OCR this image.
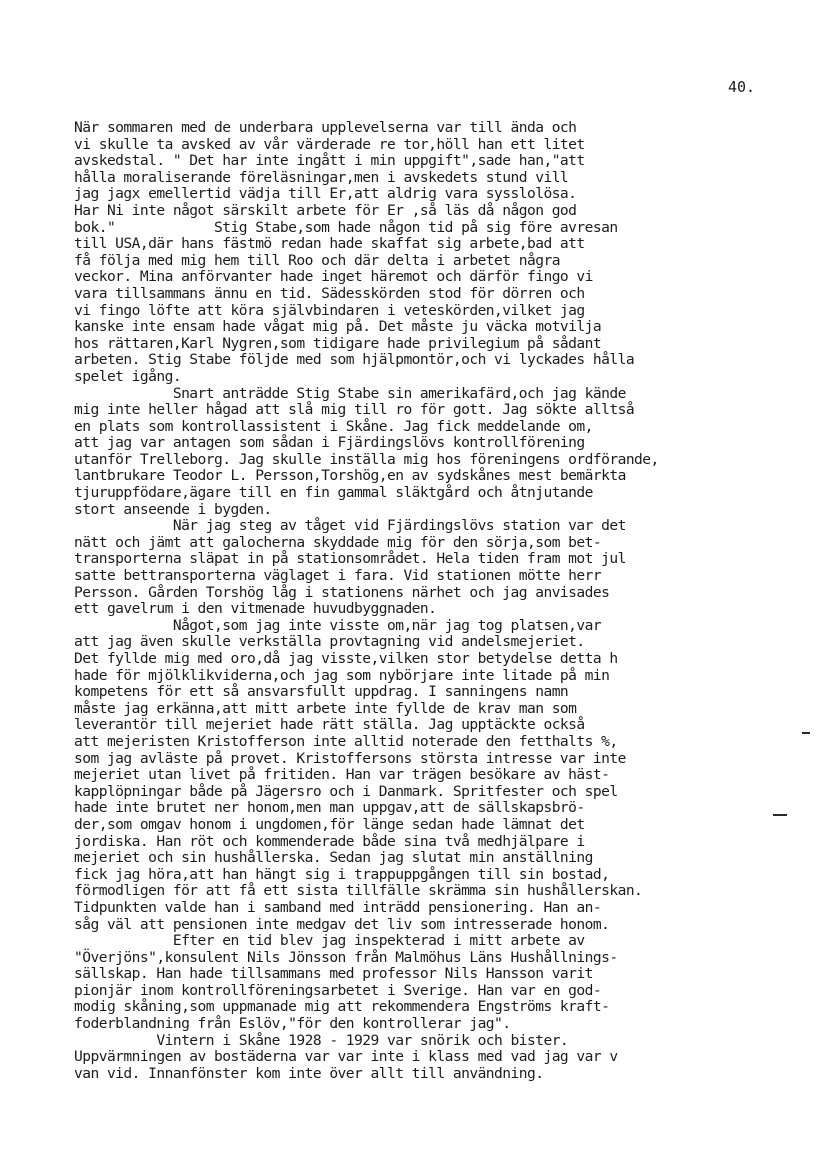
40.
När sommaren med de underbara upplevelserna var till ända och
vi skulle ta avsked av vår värderade re tor,höll han ett litet
avskedstal. " Det har inte ingått i min uppgift",sade han,"att
hålla moraliserande föreläsningar,men i avskedets stund vill
jag jagx emellertid vädja till Er,att aldrig vara sysslolösa.
Har Ni inte något särskilt arbete för Er ,så läs då någon god
bok."            Stig Stabe,som hade någon tid på sig före avresan
till USA,där hans fästmö redan hade skaffat sig arbete,bad att
få följa med mig hem till Roo och där delta i arbetet några
veckor. Mina anförvanter hade inget häremot och därför fingo vi
vara tillsammans ännu en tid. Sädesskörden stod för dörren och
vi fingo löfte att köra självbindaren i veteskörden,vilket jag
kanske inte ensam hade vågat mig på. Det måste ju väcka motvilja
hos rättaren,Karl Nygren,som tidigare hade privilegium på sådant
arbeten. Stig Stabe följde med som hjälpmontör,och vi lyckades hålla
spelet igång.
Snart anträdde Stig Stabe sin amerikafärd,och jag kände
mig inte heller hågad att slå mig till ro för gott. Jag sökte alltså
en plats som kontrollassistent i Skåne. Jag fick meddelande om,
att jag var antagen som sådan i Fjärdingslövs kontrollförening
utanför Trelleborg. Jag skulle inställa mig hos föreningens ordförande,
lantbrukare Teodor L. Persson,Torshög,en av sydskånes mest bemärkta
tjuruppfödare,ägare till en fin gammal släktgård och åtnjutande
stort anseende i bygden.
När jag steg av tåget vid Fjärdingslövs station var det
nätt och jämt att galocherna skyddade mig för den sörja,som bet-
transporterna släpat in på stationsområdet. Hela tiden fram mot jul
satte bettransporterna väglaget i fara. Vid stationen mötte herr
Persson. Gården Torshög låg i stationens närhet och jag anvisades
ett gavelrum i den vitmenade huvudbyggnaden.
Något,som jag inte visste om,när jag tog platsen,var
att jag även skulle verkställa provtagning vid andelsmejeriet.
Det fyllde mig med oro,då jag visste,vilken stor betydelse detta h
hade för mjölklikviderna,och jag som nybörjare inte litade på min
kompetens för ett så ansvarsfullt uppdrag. I sanningens namn
måste jag erkänna,att mitt arbete inte fyllde de krav man som
leverantör till mejeriet hade rätt ställa. Jag upptäckte också
att mejeristen Kristofferson inte alltid noterade den fetthalts %,
som jag avläste på provet. Kristoffersons största intresse var inte
mejeriet utan livet på fritiden. Han var trägen besökare av häst-
kapplöpningar både på Jägersro och i Danmark. Spritfester och spel
hade inte brutet ner honom,men man uppgav,att de sällskapsbrö-
der,som omgav honom i ungdomen,för länge sedan hade lämnat det
jordiska. Han röt och kommenderade både sina två medhjälpare i
mejeriet och sin hushållerska. Sedan jag slutat min anställning
fick jag höra,att han hängt sig i trappuppgången till sin bostad,
förmodligen för att få ett sista tillfälle skrämma sin hushållerskan.
Tidpunkten valde han i samband med inträdd pensionering. Han an-
såg väl att pensionen inte medgav det liv som intresserade honom.
Efter en tid blev jag inspekterad i mitt arbete av
"Överjöns",konsulent Nils Jönsson från Malmöhus Läns Hushållnings-
sällskap. Han hade tillsammans med professor Nils Hansson varit
pionjär inom kontrollföreningsarbetet i Sverige. Han var en god-
modig skåning,som uppmanade mig att rekommendera Engströms kraft-
foderblandning från Eslöv,"för den kontrollerar jag".
Vintern i Skåne 1928 - 1929 var snörik och bister.
Uppvärmningen av bostäderna var var inte i klass med vad jag var v
van vid. Innanfönster kom inte över allt till användning.
